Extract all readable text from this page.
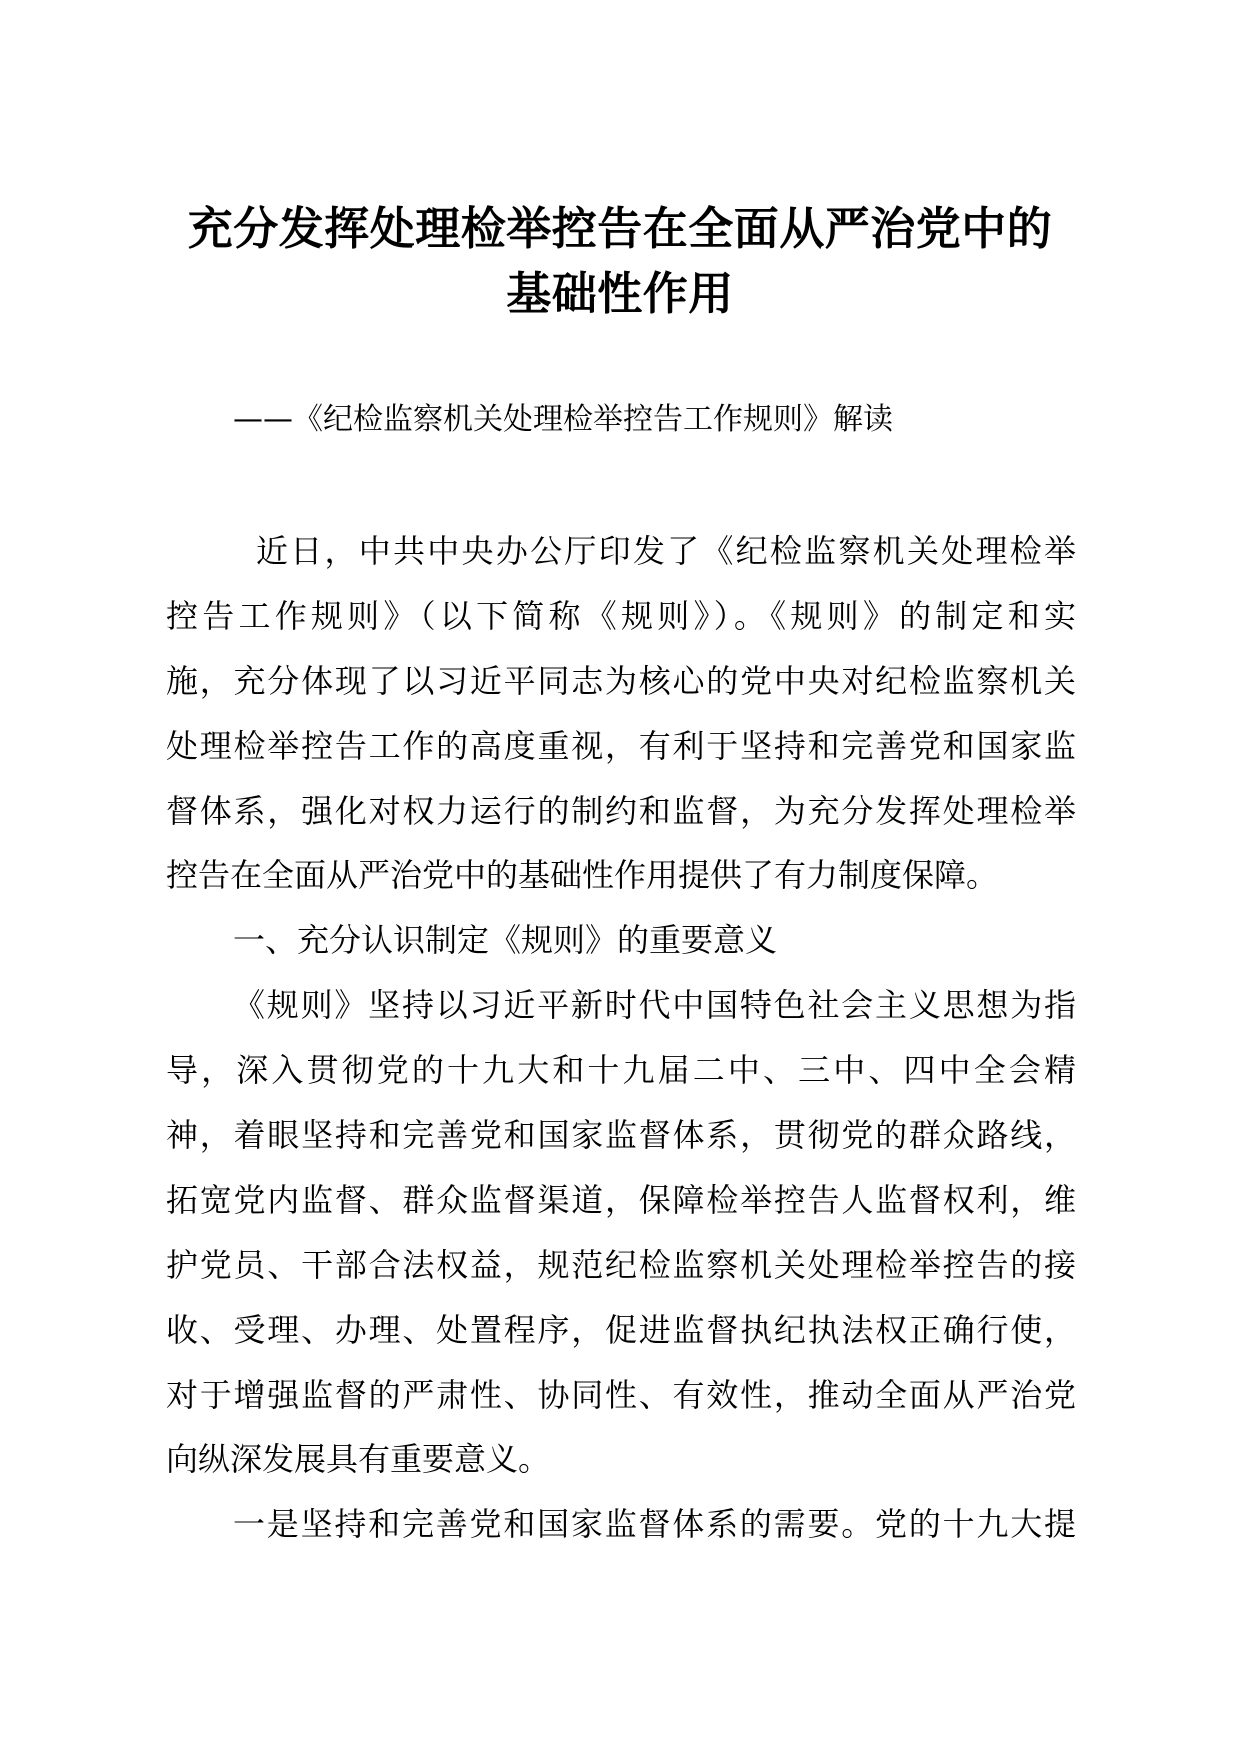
充分发挥处理检举控告在全面从严治党中的
基础性作用

——《纪检监察机关处理检举控告工作规则》解读

近日，中共中央办公厅印发了《纪检监察机关处理检举
控告工作规则》（以下简称《规则》）。《规则》的制定和实
施，充分体现了以习近平同志为核心的党中央对纪检监察机关
处理检举控告工作的高度重视，有利于坚持和完善党和国家监
督体系，强化对权力运行的制约和监督，为充分发挥处理检举
控告在全面从严治党中的基础性作用提供了有力制度保障。
一、充分认识制定《规则》的重要意义
《规则》坚持以习近平新时代中国特色社会主义思想为指
导，深入贯彻党的十九大和十九届二中、三中、四中全会精
神，着眼坚持和完善党和国家监督体系，贯彻党的群众路线，
拓宽党内监督、群众监督渠道，保障检举控告人监督权利，维
护党员、干部合法权益，规范纪检监察机关处理检举控告的接
收、受理、办理、处置程序，促进监督执纪执法权正确行使，
对于增强监督的严肃性、协同性、有效性，推动全面从严治党
向纵深发展具有重要意义。
一是坚持和完善党和国家监督体系的需要。党的十九大提
